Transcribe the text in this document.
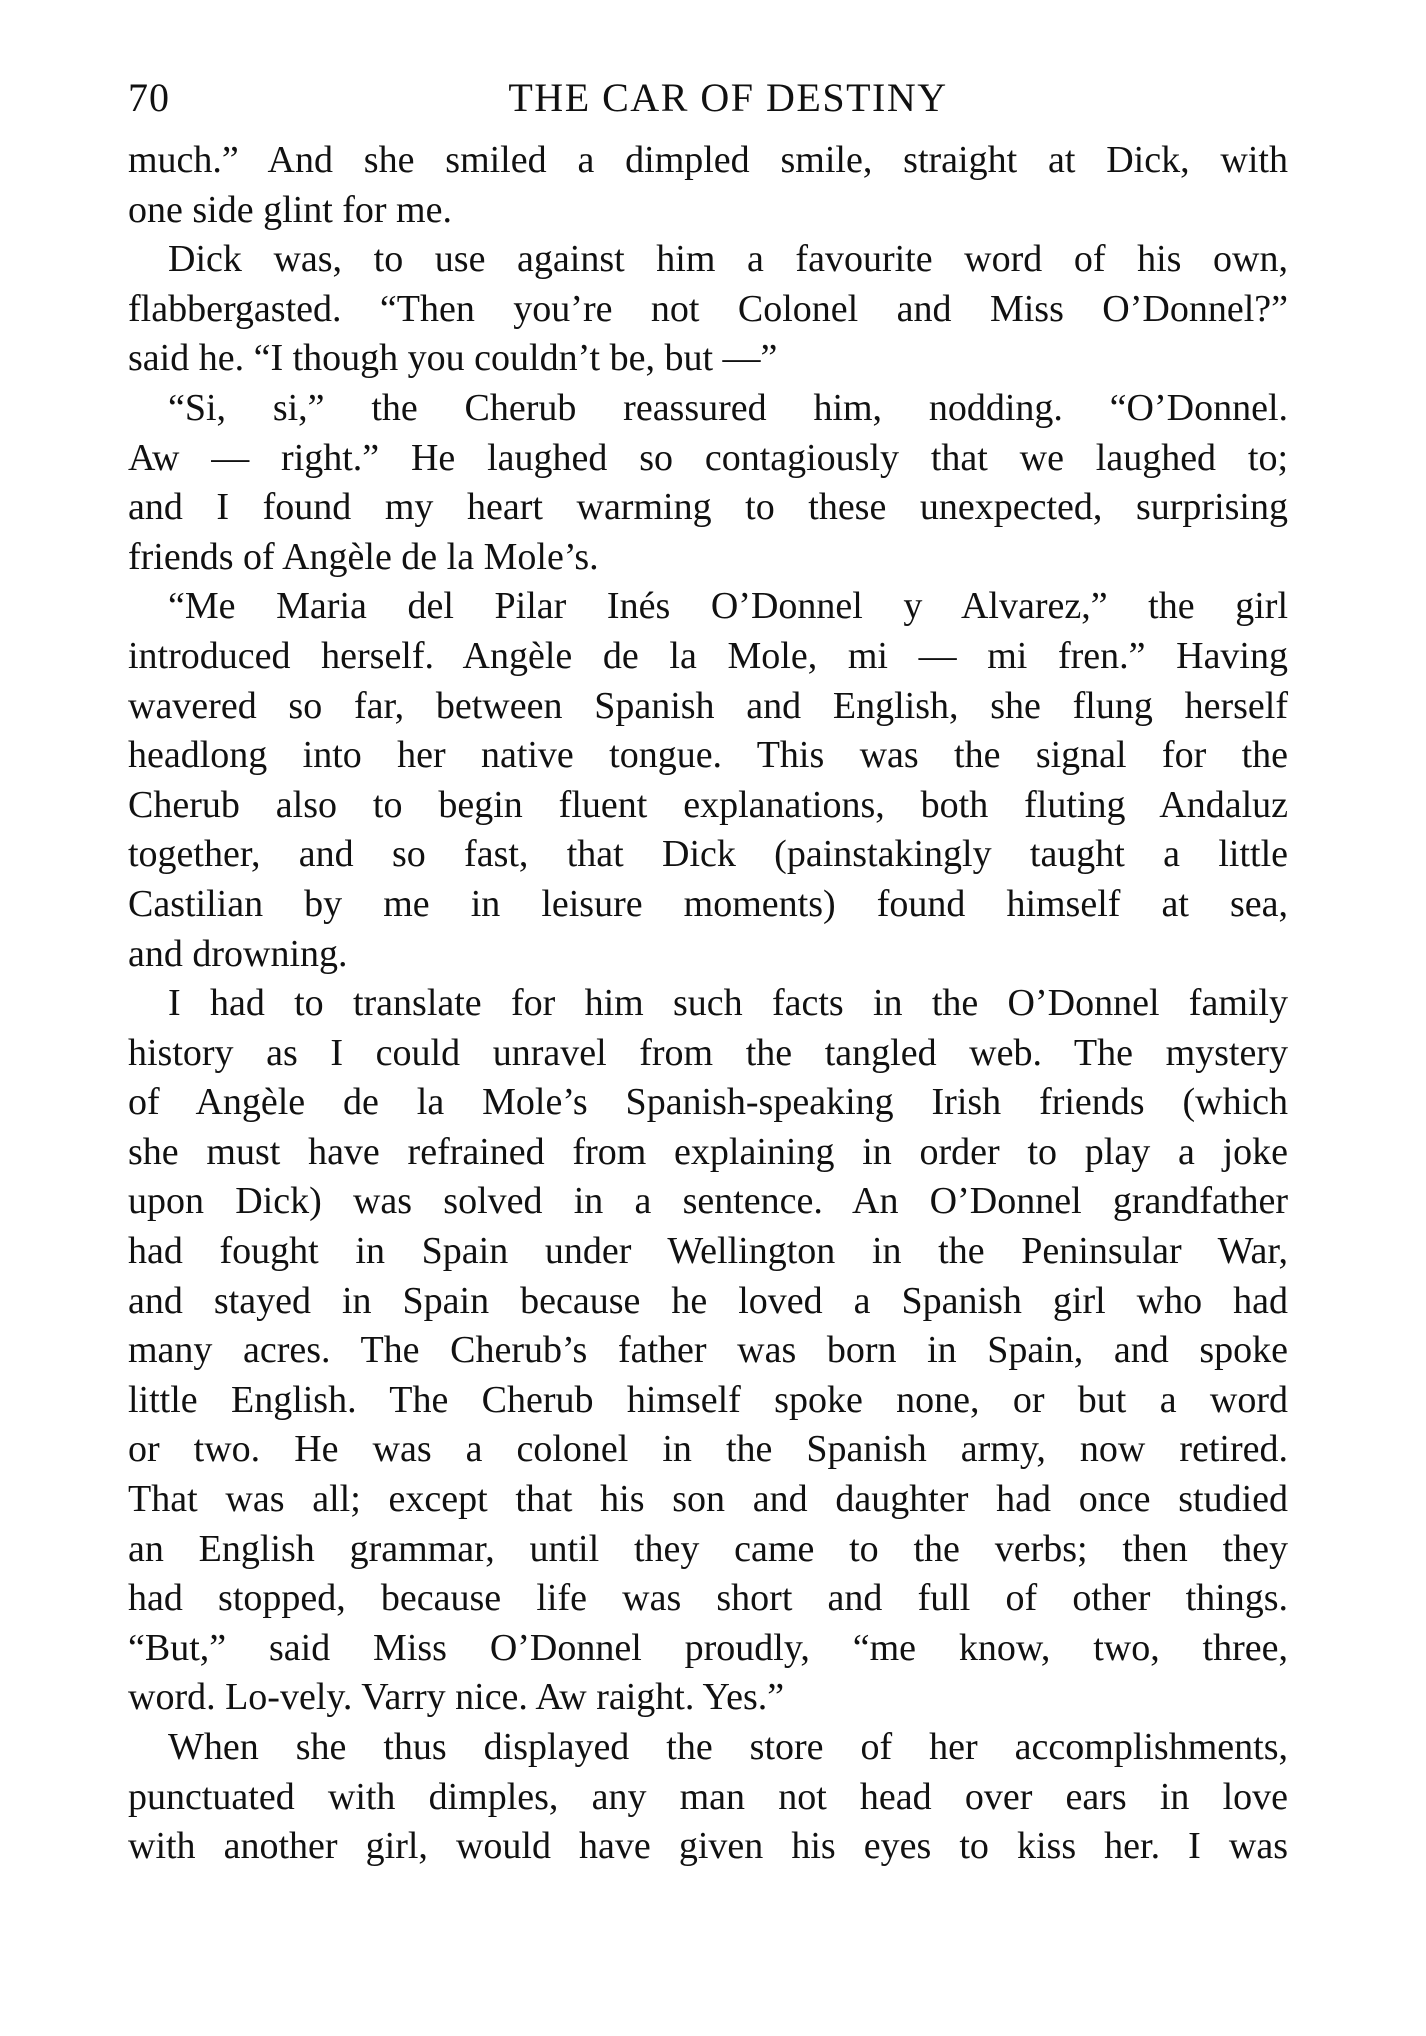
70	THE CAR OF DESTINY

much.” And she smiled a dimpled smile, straight at Dick, with
one side glint for me.

Dick was, to use against him a favourite word of his own,
flabbergasted. “Then you’re not Colonel and Miss O’Donnel?”
said he. “I though you couldn’t be, but —”

“Si, si,” the Cherub reassured him, nodding. “O’Donnel.
Aw — right.” He laughed so contagiously that we laughed to;
and I found my heart warming to these unexpected, surprising
friends of Angèle de la Mole’s.

“Me Maria del Pilar Inés O’Donnel y Alvarez,” the girl
introduced herself. Angèle de la Mole, mi — mi fren.” Having
wavered so far, between Spanish and English, she flung herself
headlong into her native tongue. This was the signal for the
Cherub also to begin fluent explanations, both fluting Andaluz
together, and so fast, that Dick (painstakingly taught a little
Castilian by me in leisure moments) found himself at sea,
and drowning.

I had to translate for him such facts in the O’Donnel family
history as I could unravel from the tangled web. The mystery
of Angèle de la Mole’s Spanish-speaking Irish friends (which
she must have refrained from explaining in order to play a joke
upon Dick) was solved in a sentence. An O’Donnel grandfather
had fought in Spain under Wellington in the Peninsular War,
and stayed in Spain because he loved a Spanish girl who had
many acres. The Cherub’s father was born in Spain, and spoke
little English. The Cherub himself spoke none, or but a word
or two. He was a colonel in the Spanish army, now retired.
That was all; except that his son and daughter had once studied
an English grammar, until they came to the verbs; then they
had stopped, because life was short and full of other things.
“But,” said Miss O’Donnel proudly, “me know, two, three,
word. Lo-vely. Varry nice. Aw raight. Yes.”

When she thus displayed the store of her accomplishments,
punctuated with dimples, any man not head over ears in love
with another girl, would have given his eyes to kiss her. I was
